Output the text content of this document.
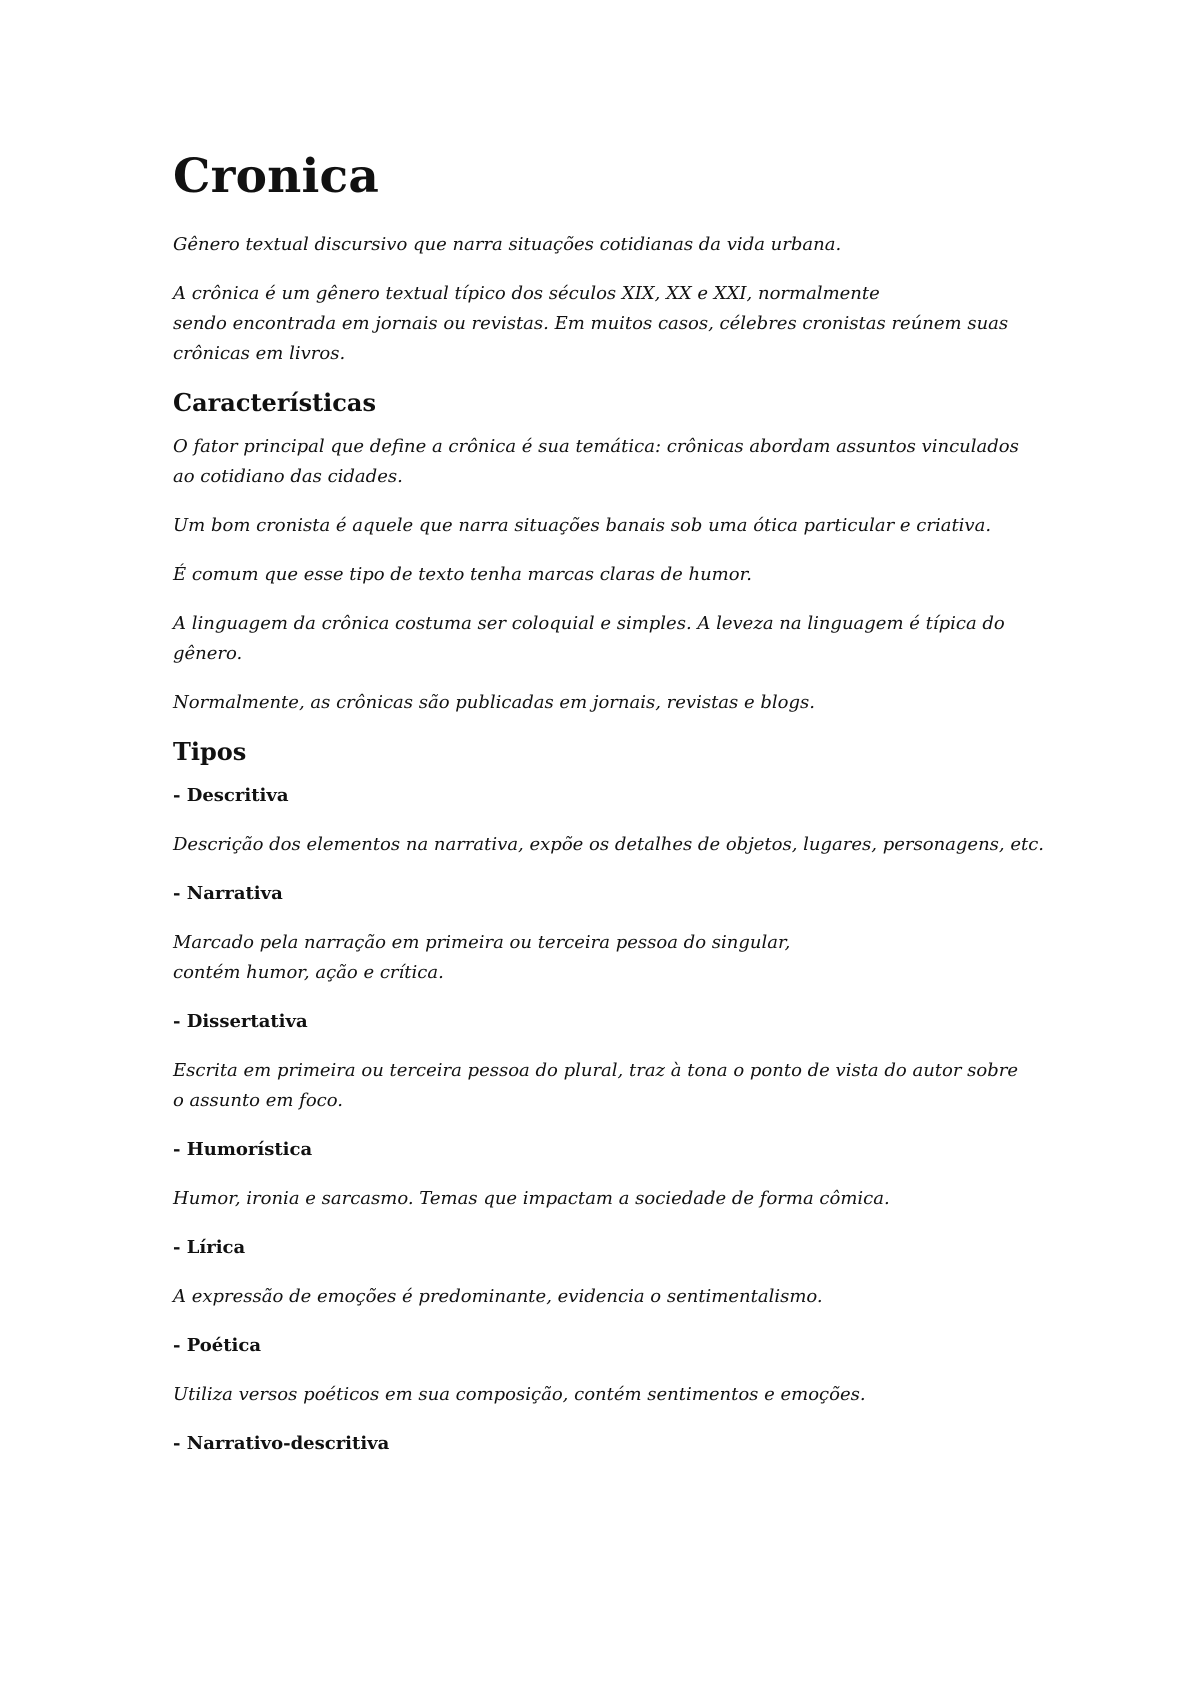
Cronica

Gênero textual discursivo que narra situações cotidianas da vida urbana.

A crônica é um gênero textual típico dos séculos XIX, XX e XXI, normalmente
sendo encontrada em jornais ou revistas. Em muitos casos, célebres cronistas reúnem suas
crônicas em livros.

Características

O fator principal que define a crônica é sua temática: crônicas abordam assuntos vinculados
ao cotidiano das cidades.

Um bom cronista é aquele que narra situações banais sob uma ótica particular e criativa.

É comum que esse tipo de texto tenha marcas claras de humor.

A linguagem da crônica costuma ser coloquial e simples. A leveza na linguagem é típica do
gênero.

Normalmente, as crônicas são publicadas em jornais, revistas e blogs.

Tipos
- Descritiva

Descrição dos elementos na narrativa, expõe os detalhes de objetos, lugares, personagens, etc.

- Narrativa

Marcado pela narração em primeira ou terceira pessoa do singular,
contém humor, ação e crítica.

- Dissertativa

Escrita em primeira ou terceira pessoa do plural, traz à tona o ponto de vista do autor sobre
o assunto em foco.

- Humorística

Humor, ironia e sarcasmo. Temas que impactam a sociedade de forma cômica.

- Lírica

A expressão de emoções é predominante, evidencia o sentimentalismo.

- Poética

Utiliza versos poéticos em sua composição, contém sentimentos e emoções.

- Narrativo-descritiva
